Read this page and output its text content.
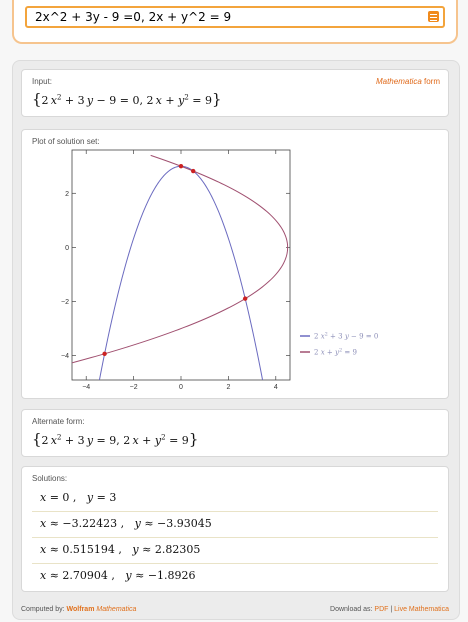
2x^2 + 3y - 9 =0, 2x + y^2 = 9
Input:	Mathematica form
{2 $x^2 + 3$ y − 9 = 0, 2 $x + y^2 = 9$}
Plot of solution set:
−4	−2	0	2	4
−4
−2
0
2
2 $x^2 + 3$ y − 9 = 0
2 $x + y^2 = 9$
Alternate form:
{2 $x^2 + 3$ y = 9, 2 $x + y^2 = 9$}
Solutions:
x = 0 ,   y = 3
x ≈ −3.22423 ,   y ≈ −3.93045
x ≈ 0.515194 ,   y ≈ 2.82305
x ≈ 2.70904 ,   y ≈ −1.8926
Computed by: Wolfram Mathematica	Download as: PDF | Live Mathematica
